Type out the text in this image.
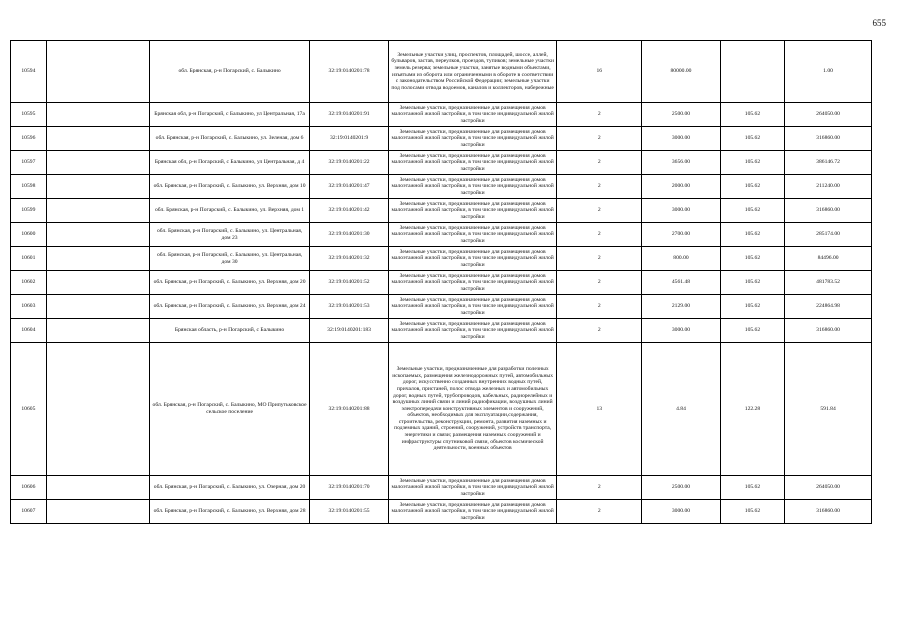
655
10594		обл. Брянская, р-н Погарский, с. Балыкино	32:19:0140201:78	Земельные участки улиц, проспектов, площадей, шоссе, аллей, бульваров, застав, переулков, проездов, тупиков; земельные участки земель резерва; земельные участки, занятые водными объектами, изъятыми из оборота или ограниченными в обороте в соответствии с законодательством Российской Федерации; земельные участки под полосами отвода водоемов, каналов и коллекторов, набережные	16	80000.00		1.00
10595		Брянская обл, р-н Погарский, с Балыкино, ул Центральная, 17а	32:19:0140201:91	Земельные участки, предназначенные для размещения домов малоэтажной жилой застройки, в том числе индивидуальной жилой застройки	2	2500.00	105.62	264050.00
10596		обл. Брянская, р-н Погарский, с. Балыкино, ул. Зеленая, дом 6	32:19:0140201:9	Земельные участки, предназначенные для размещения домов малоэтажной жилой застройки, в том числе индивидуальной жилой застройки	2	3000.00	105.62	316860.00
10597		Брянская обл, р-н Погарский, с Балыкино, ул Центральная, д 4	32:19:0140201:22	Земельные участки, предназначенные для размещения домов малоэтажной жилой застройки, в том числе индивидуальной жилой застройки	2	3656.00	105.62	386146.72
10598		обл. Брянская, р-н Погарский, с. Балыкино, ул. Верхняя, дом 10	32:19:0140201:47	Земельные участки, предназначенные для размещения домов малоэтажной жилой застройки, в том числе индивидуальной жилой застройки	2	2000.00	105.62	211240.00
10599		обл. Брянская, р-н Погарский, с. Балыкино, ул. Верхняя, дом 1	32:19:0140201:42	Земельные участки, предназначенные для размещения домов малоэтажной жилой застройки, в том числе индивидуальной жилой застройки	2	3000.00	105.62	316860.00
10600		обл. Брянская, р-н Погарский, с. Балыкино, ул. Центральная, дом 23	32:19:0140201:30	Земельные участки, предназначенные для размещения домов малоэтажной жилой застройки, в том числе индивидуальной жилой застройки	2	2700.00	105.62	285174.00
10601		обл. Брянская, р-н Погарский, с. Балыкино, ул. Центральная, дом 30	32:19:0140201:32	Земельные участки, предназначенные для размещения домов малоэтажной жилой застройки, в том числе индивидуальной жилой застройки	2	800.00	105.62	84496.00
10602		обл. Брянская, р-н Погарский, с. Балыкино, ул. Верхняя, дом 20	32:19:0140201:52	Земельные участки, предназначенные для размещения домов малоэтажной жилой застройки, в том числе индивидуальной жилой застройки	2	4561.48	105.62	481783.52
10603		обл. Брянская, р-н Погарский, с. Балыкино, ул. Верхняя, дом 24	32:19:0140201:53	Земельные участки, предназначенные для размещения домов малоэтажной жилой застройки, в том числе индивидуальной жилой застройки	2	2129.00	105.62	224864.98
10604		Брянская область, р-н Погарский, с Балыкино	32:19:0140201:183	Земельные участки, предназначенные для размещения домов малоэтажной жилой застройки, в том числе индивидуальной жилой застройки	2	3000.00	105.62	316860.00
10605		обл. Брянская, р-н Погарский, с. Балыкино, МО Припутьковское сельское поселение	32:19:0140201:88	Земельные участки, предназначенные для разработки полезных ископаемых, размещения железнодорожных путей, автомобильных дорог, искусственно созданных внутренних водных путей, причалов, пристаней, полос отвода железных и автомобильных дорог, водных путей, трубопроводов, кабельных, радиорелейных и воздушных линий связи и линий радиофикации, воздушных линий электропередачи конструктивных элементов и сооружений, объектов, необходимых для эксплуатации,содержания, строительства, реконструкции, ремонта, развития наземных и подземных зданий, строений, сооружений, устройств транспорта, энергетики и связи; размещения наземных сооружений и инфраструктуры спутниковой связи, объектов космической деятельности, военных объектов	13	4.84	122.28	591.84
10606		обл. Брянская, р-н Погарский, с. Балыкино, ул. Озерная, дом 20	32:19:0140201:70	Земельные участки, предназначенные для размещения домов малоэтажной жилой застройки, в том числе индивидуальной жилой застройки	2	2500.00	105.62	264050.00
10607		обл. Брянская, р-н Погарский, с. Балыкино, ул. Верхняя, дом 28	32:19:0140201:55	Земельные участки, предназначенные для размещения домов малоэтажной жилой застройки, в том числе индивидуальной жилой застройки	2	3000.00	105.62	316860.00
